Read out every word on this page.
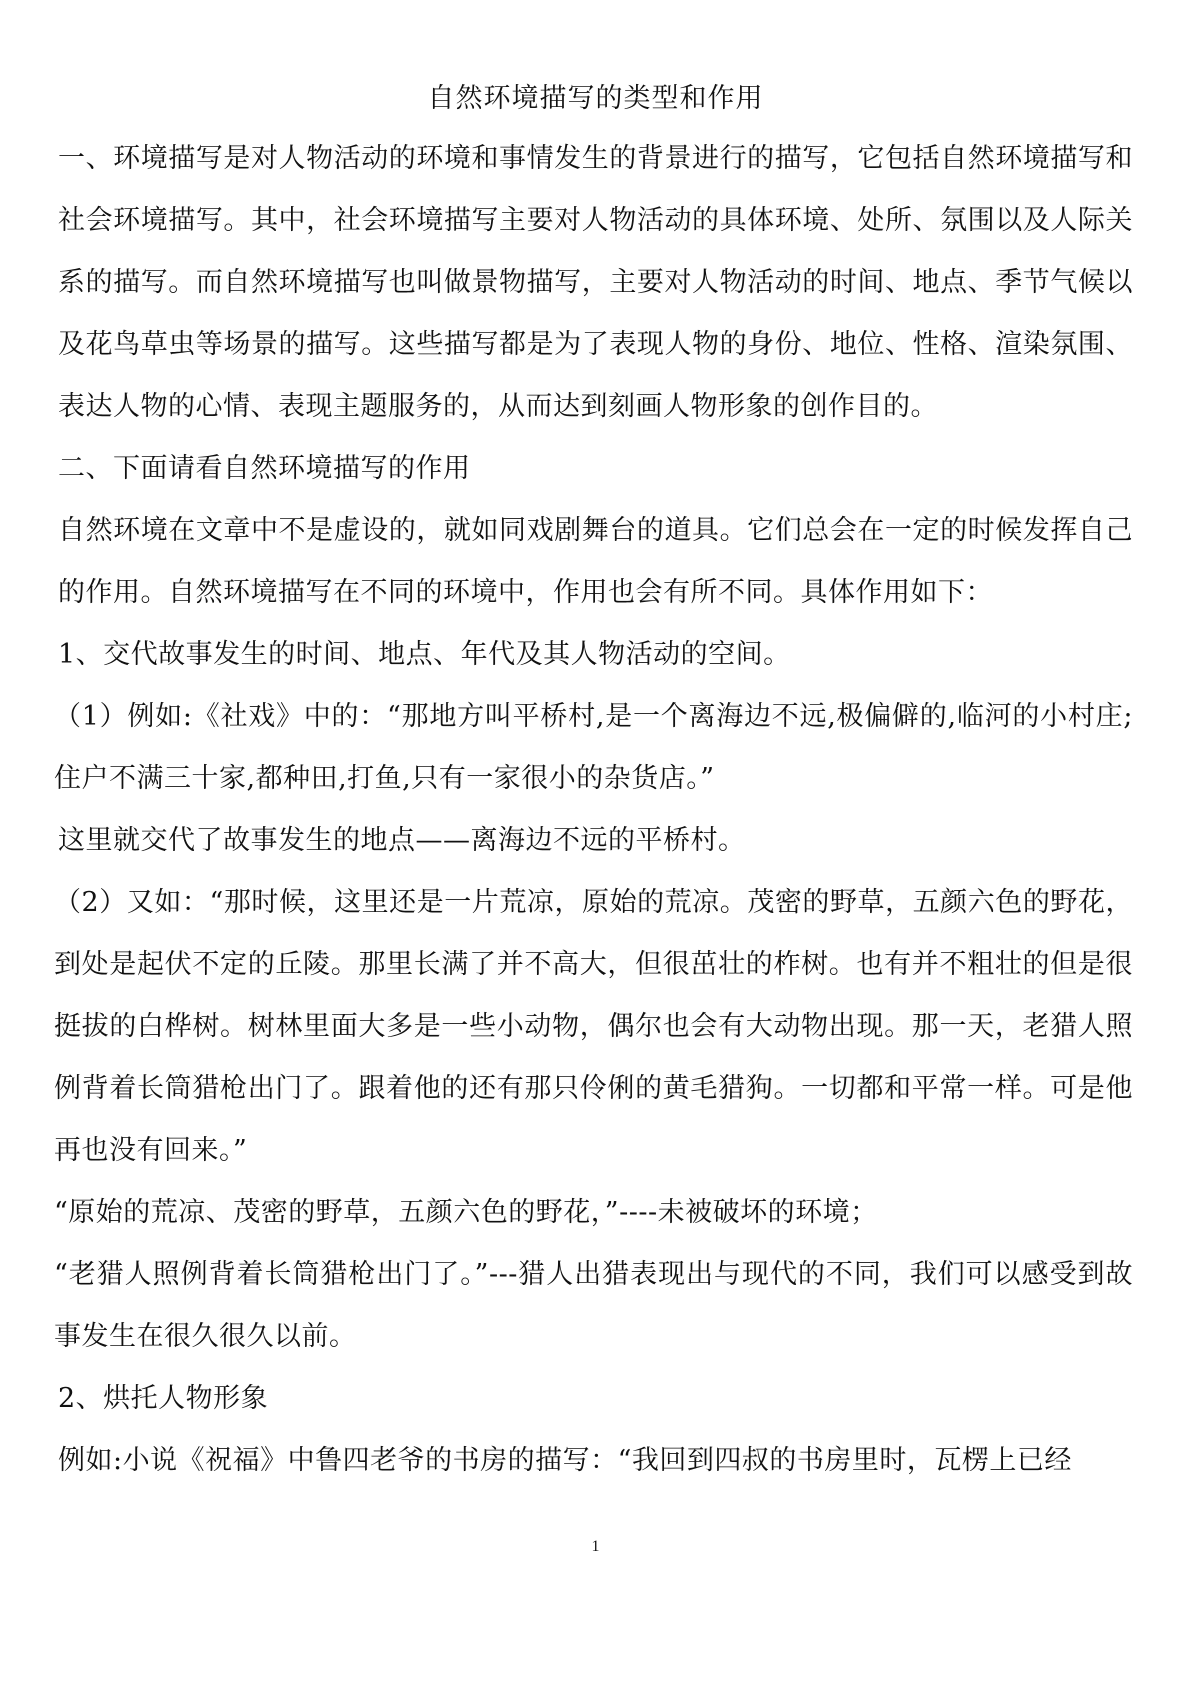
自然环境描写的类型和作用

一、环境描写是对人物活动的环境和事情发生的背景进行的描写，它包括自然环境描写和社会环境描写。其中，社会环境描写主要对人物活动的具体环境、处所、氛围以及人际关系的描写。而自然环境描写也叫做景物描写，主要对人物活动的时间、地点、季节气候以及花鸟草虫等场景的描写。这些描写都是为了表现人物的身份、地位、性格、渲染氛围、表达人物的心情、表现主题服务的，从而达到刻画人物形象的创作目的。

二、下面请看自然环境描写的作用

自然环境在文章中不是虚设的，就如同戏剧舞台的道具。它们总会在一定的时候发挥自己的作用。自然环境描写在不同的环境中，作用也会有所不同。具体作用如下：

1、交代故事发生的时间、地点、年代及其人物活动的空间。

（1）例如:《社戏》中的：“那地方叫平桥村,是一个离海边不远,极偏僻的,临河的小村庄;住户不满三十家,都种田,打鱼,只有一家很小的杂货店。”

这里就交代了故事发生的地点——离海边不远的平桥村。

（2）又如：“那时候，这里还是一片荒凉，原始的荒凉。茂密的野草，五颜六色的野花，到处是起伏不定的丘陵。那里长满了并不高大，但很茁壮的柞树。也有并不粗壮的但是很挺拔的白桦树。树林里面大多是一些小动物，偶尔也会有大动物出现。那一天，老猎人照例背着长筒猎枪出门了。跟着他的还有那只伶俐的黄毛猎狗。一切都和平常一样。可是他再也没有回来。”

“原始的荒凉、茂密的野草，五颜六色的野花，”----未被破坏的环境；

“老猎人照例背着长筒猎枪出门了。”---猎人出猎表现出与现代的不同，我们可以感受到故事发生在很久很久以前。

2、烘托人物形象

例如:小说《祝福》中鲁四老爷的书房的描写：“我回到四叔的书房里时，瓦楞上已经

1
